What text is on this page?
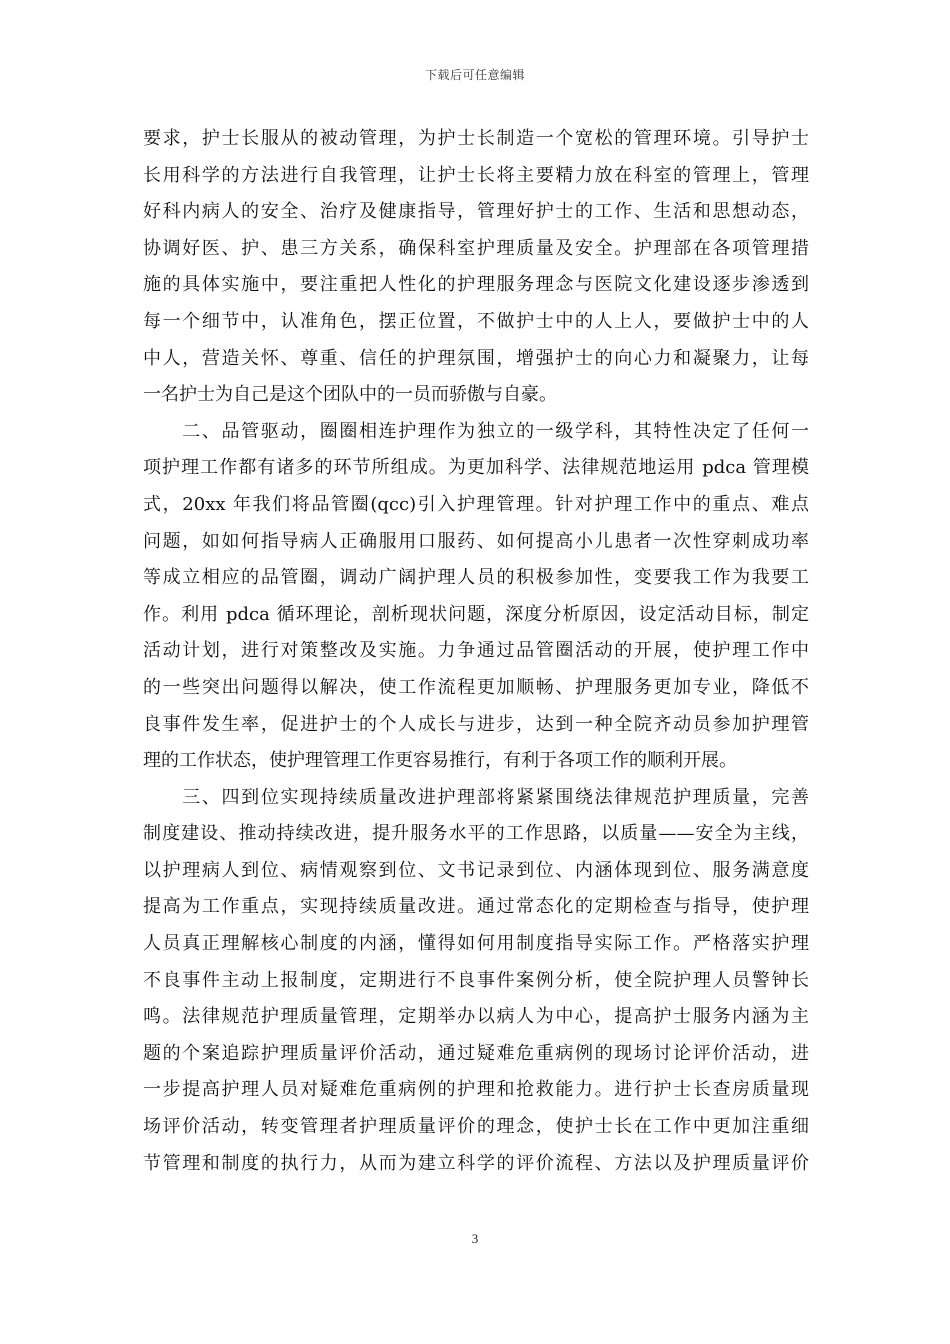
下载后可任意编辑
要求，护士长服从的被动管理，为护士长制造一个宽松的管理环境。引导护士
长用科学的方法进行自我管理，让护士长将主要精力放在科室的管理上，管理
好科内病人的安全、治疗及健康指导，管理好护士的工作、生活和思想动态，
协调好医、护、患三方关系，确保科室护理质量及安全。护理部在各项管理措
施的具体实施中，要注重把人性化的护理服务理念与医院文化建设逐步渗透到
每一个细节中，认准角色，摆正位置，不做护士中的人上人，要做护士中的人
中人，营造关怀、尊重、信任的护理氛围，增强护士的向心力和凝聚力，让每
一名护士为自己是这个团队中的一员而骄傲与自豪。
　　二、品管驱动，圈圈相连护理作为独立的一级学科，其特性决定了任何一
项护理工作都有诸多的环节所组成。为更加科学、法律规范地运用 pdca 管理模
式，20xx 年我们将品管圈(qcc)引入护理管理。针对护理工作中的重点、难点
问题，如如何指导病人正确服用口服药、如何提高小儿患者一次性穿刺成功率
等成立相应的品管圈，调动广阔护理人员的积极参加性，变要我工作为我要工
作。利用 pdca 循环理论，剖析现状问题，深度分析原因，设定活动目标，制定
活动计划，进行对策整改及实施。力争通过品管圈活动的开展，使护理工作中
的一些突出问题得以解决，使工作流程更加顺畅、护理服务更加专业，降低不
良事件发生率，促进护士的个人成长与进步，达到一种全院齐动员参加护理管
理的工作状态，使护理管理工作更容易推行，有利于各项工作的顺利开展。
　　三、四到位实现持续质量改进护理部将紧紧围绕法律规范护理质量，完善
制度建设、推动持续改进，提升服务水平的工作思路，以质量——安全为主线，
以护理病人到位、病情观察到位、文书记录到位、内涵体现到位、服务满意度
提高为工作重点，实现持续质量改进。通过常态化的定期检查与指导，使护理
人员真正理解核心制度的内涵，懂得如何用制度指导实际工作。严格落实护理
不良事件主动上报制度，定期进行不良事件案例分析，使全院护理人员警钟长
鸣。法律规范护理质量管理，定期举办以病人为中心，提高护士服务内涵为主
题的个案追踪护理质量评价活动，通过疑难危重病例的现场讨论评价活动，进
一步提高护理人员对疑难危重病例的护理和抢救能力。进行护士长查房质量现
场评价活动，转变管理者护理质量评价的理念，使护士长在工作中更加注重细
节管理和制度的执行力，从而为建立科学的评价流程、方法以及护理质量评价
3
